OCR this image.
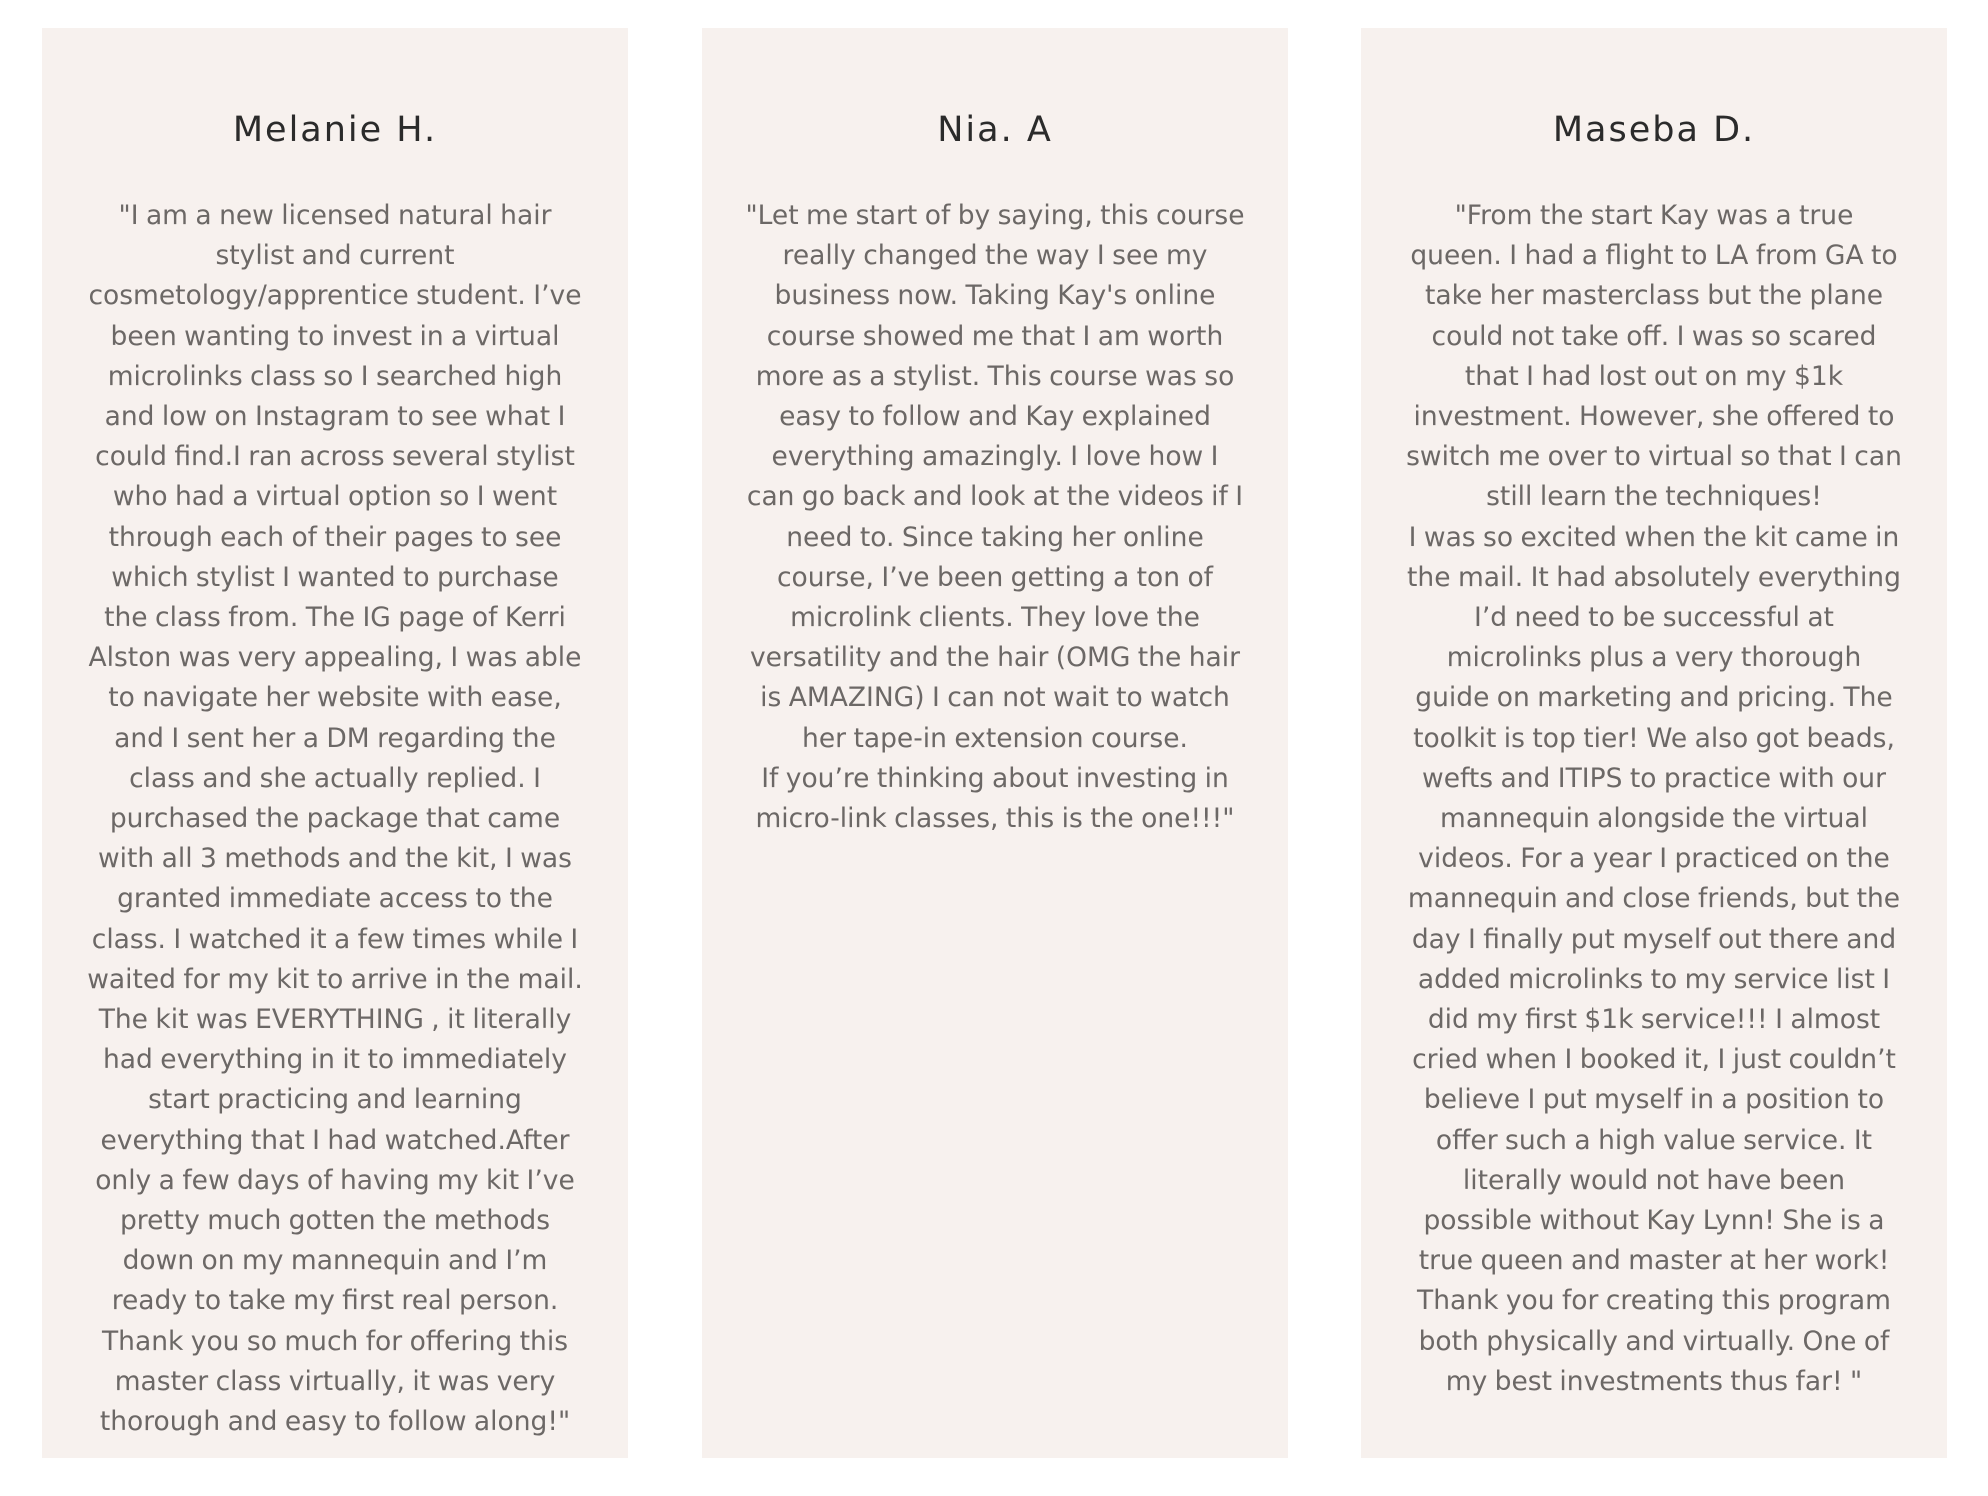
Melanie H.

"I am a new licensed natural hair
stylist and current
cosmetology/apprentice student. I’ve
been wanting to invest in a virtual
microlinks class so I searched high
and low on Instagram to see what I
could find.I ran across several stylist
who had a virtual option so I went
through each of their pages to see
which stylist I wanted to purchase
the class from. The IG page of Kerri
Alston was very appealing, I was able
to navigate her website with ease,
and I sent her a DM regarding the
class and she actually replied. I
purchased the package that came
with all 3 methods and the kit, I was
granted immediate access to the
class. I watched it a few times while I
waited for my kit to arrive in the mail.
The kit was EVERYTHING , it literally
had everything in it to immediately
start practicing and learning
everything that I had watched.After
only a few days of having my kit I’ve
pretty much gotten the methods
down on my mannequin and I’m
ready to take my first real person.
Thank you so much for offering this
master class virtually, it was very
thorough and easy to follow along!"

Nia. A

"Let me start of by saying, this course
really changed the way I see my
business now. Taking Kay's online
course showed me that I am worth
more as a stylist. This course was so
easy to follow and Kay explained
everything amazingly. I love how I
can go back and look at the videos if I
need to. Since taking her online
course, I’ve been getting a ton of
microlink clients. They love the
versatility and the hair (OMG the hair
is AMAZING) I can not wait to watch
her tape-in extension course.
If you’re thinking about investing in
micro-link classes, this is the one!!!"

Maseba D.

"From the start Kay was a true
queen. I had a flight to LA from GA to
take her masterclass but the plane
could not take off. I was so scared
that I had lost out on my $1k
investment. However, she offered to
switch me over to virtual so that I can
still learn the techniques!
I was so excited when the kit came in
the mail. It had absolutely everything
I’d need to be successful at
microlinks plus a very thorough
guide on marketing and pricing. The
toolkit is top tier! We also got beads,
wefts and ITIPS to practice with our
mannequin alongside the virtual
videos. For a year I practiced on the
mannequin and close friends, but the
day I finally put myself out there and
added microlinks to my service list I
did my first $1k service!!! I almost
cried when I booked it, I just couldn’t
believe I put myself in a position to
offer such a high value service. It
literally would not have been
possible without Kay Lynn! She is a
true queen and master at her work!
Thank you for creating this program
both physically and virtually. One of
my best investments thus far! "
